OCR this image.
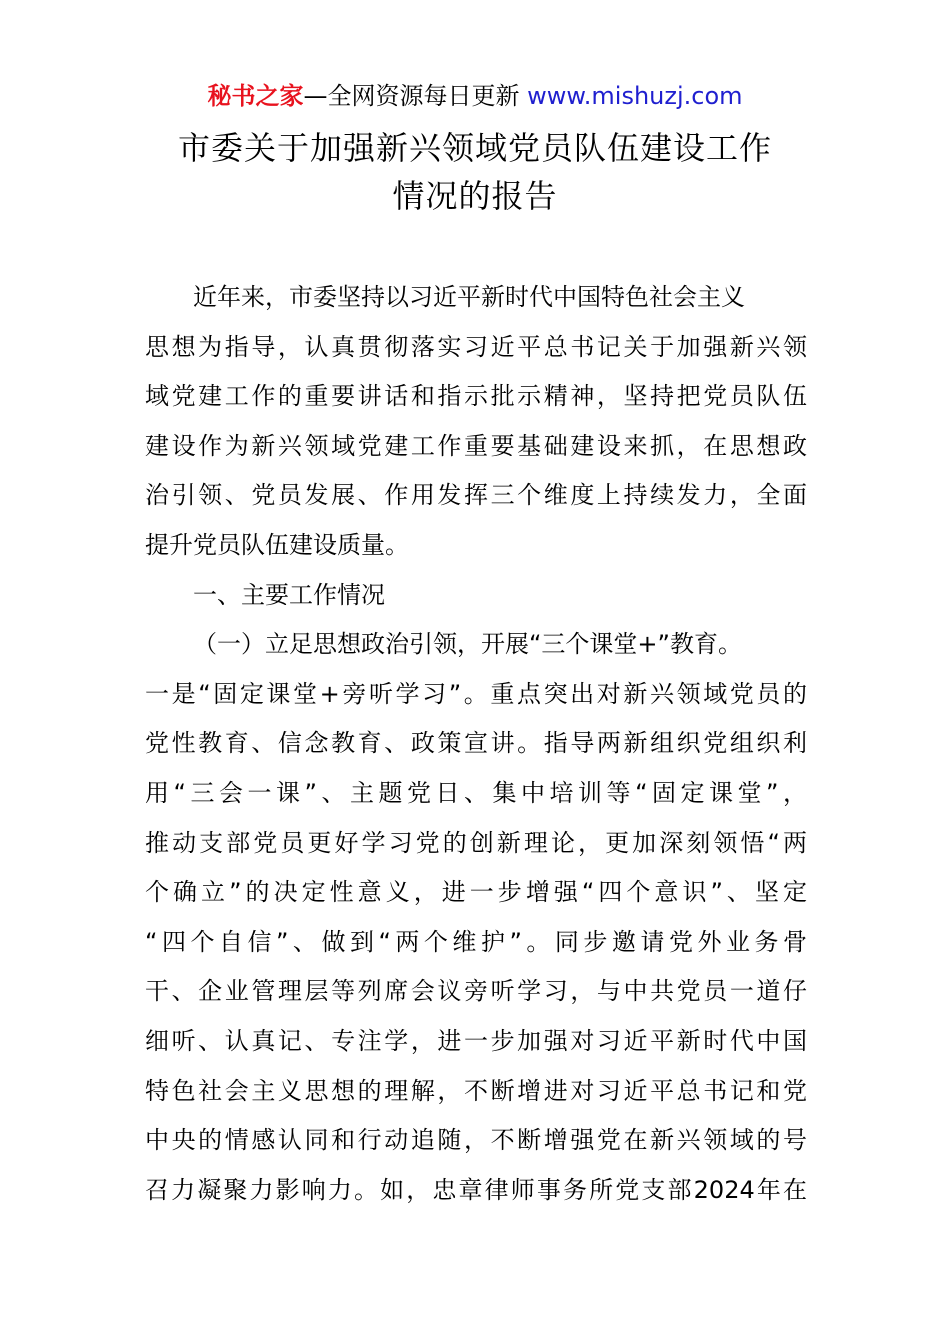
秘书之家—全网资源每日更新 www.mishuzj.com
市委关于加强新兴领域党员队伍建设工作
情况的报告
近年来，市委坚持以习近平新时代中国特色社会主义
思想为指导，认真贯彻落实习近平总书记关于加强新兴领
域党建工作的重要讲话和指示批示精神，坚持把党员队伍
建设作为新兴领域党建工作重要基础建设来抓，在思想政
治引领、党员发展、作用发挥三个维度上持续发力，全面
提升党员队伍建设质量。
一、主要工作情况
（一）立足思想政治引领，开展“三个课堂+”教育。
一是“固定课堂+旁听学习”。重点突出对新兴领域党员的
党性教育、信念教育、政策宣讲。指导两新组织党组织利
用“三会一课”、主题党日、集中培训等“固定课堂”，
推动支部党员更好学习党的创新理论，更加深刻领悟“两
个确立”的决定性意义，进一步增强“四个意识”、坚定
“四个自信”、做到“两个维护”。同步邀请党外业务骨
干、企业管理层等列席会议旁听学习，与中共党员一道仔
细听、认真记、专注学，进一步加强对习近平新时代中国
特色社会主义思想的理解，不断增进对习近平总书记和党
中央的情感认同和行动追随，不断增强党在新兴领域的号
召力凝聚力影响力。如，忠章律师事务所党支部2024年在
